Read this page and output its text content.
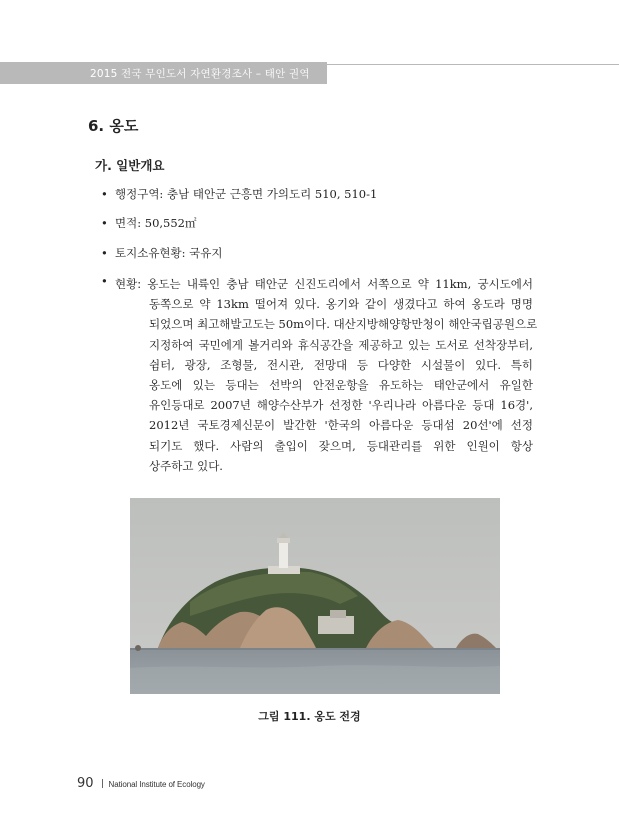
2015 전국 무인도서 자연환경조사 – 태안 권역
6. 옹도
가. 일반개요
• 행정구역: 충남 태안군 근흥면 가의도리 510, 510-1
• 면적: 50,552㎡
• 토지소유현황: 국유지
• 현황: 옹도는 내륙인 충남 태안군 신진도리에서 서쪽으로 약 11km, 궁시도에서
동쪽으로 약 13km 떨어져 있다. 옹기와 같이 생겼다고 하여 옹도라 명명
되었으며 최고해발고도는 50m이다. 대산지방해양항만청이 해안국립공원으로
지정하여 국민에게 볼거리와 휴식공간을 제공하고 있는 도서로 선착장부터,
쉼터, 광장, 조형물, 전시관, 전망대 등 다양한 시설물이 있다. 특히
옹도에 있는 등대는 선박의 안전운항을 유도하는 태안군에서 유일한
유인등대로 2007년 해양수산부가 선정한 '우리나라 아름다운 등대 16경',
2012년 국토경제신문이 발간한 '한국의 아름다운 등대섬 20선'에 선정
되기도 했다. 사람의 출입이 잦으며, 등대관리를 위한 인원이 항상
상주하고 있다.
그림 111. 옹도 전경
90 National Institute of Ecology
